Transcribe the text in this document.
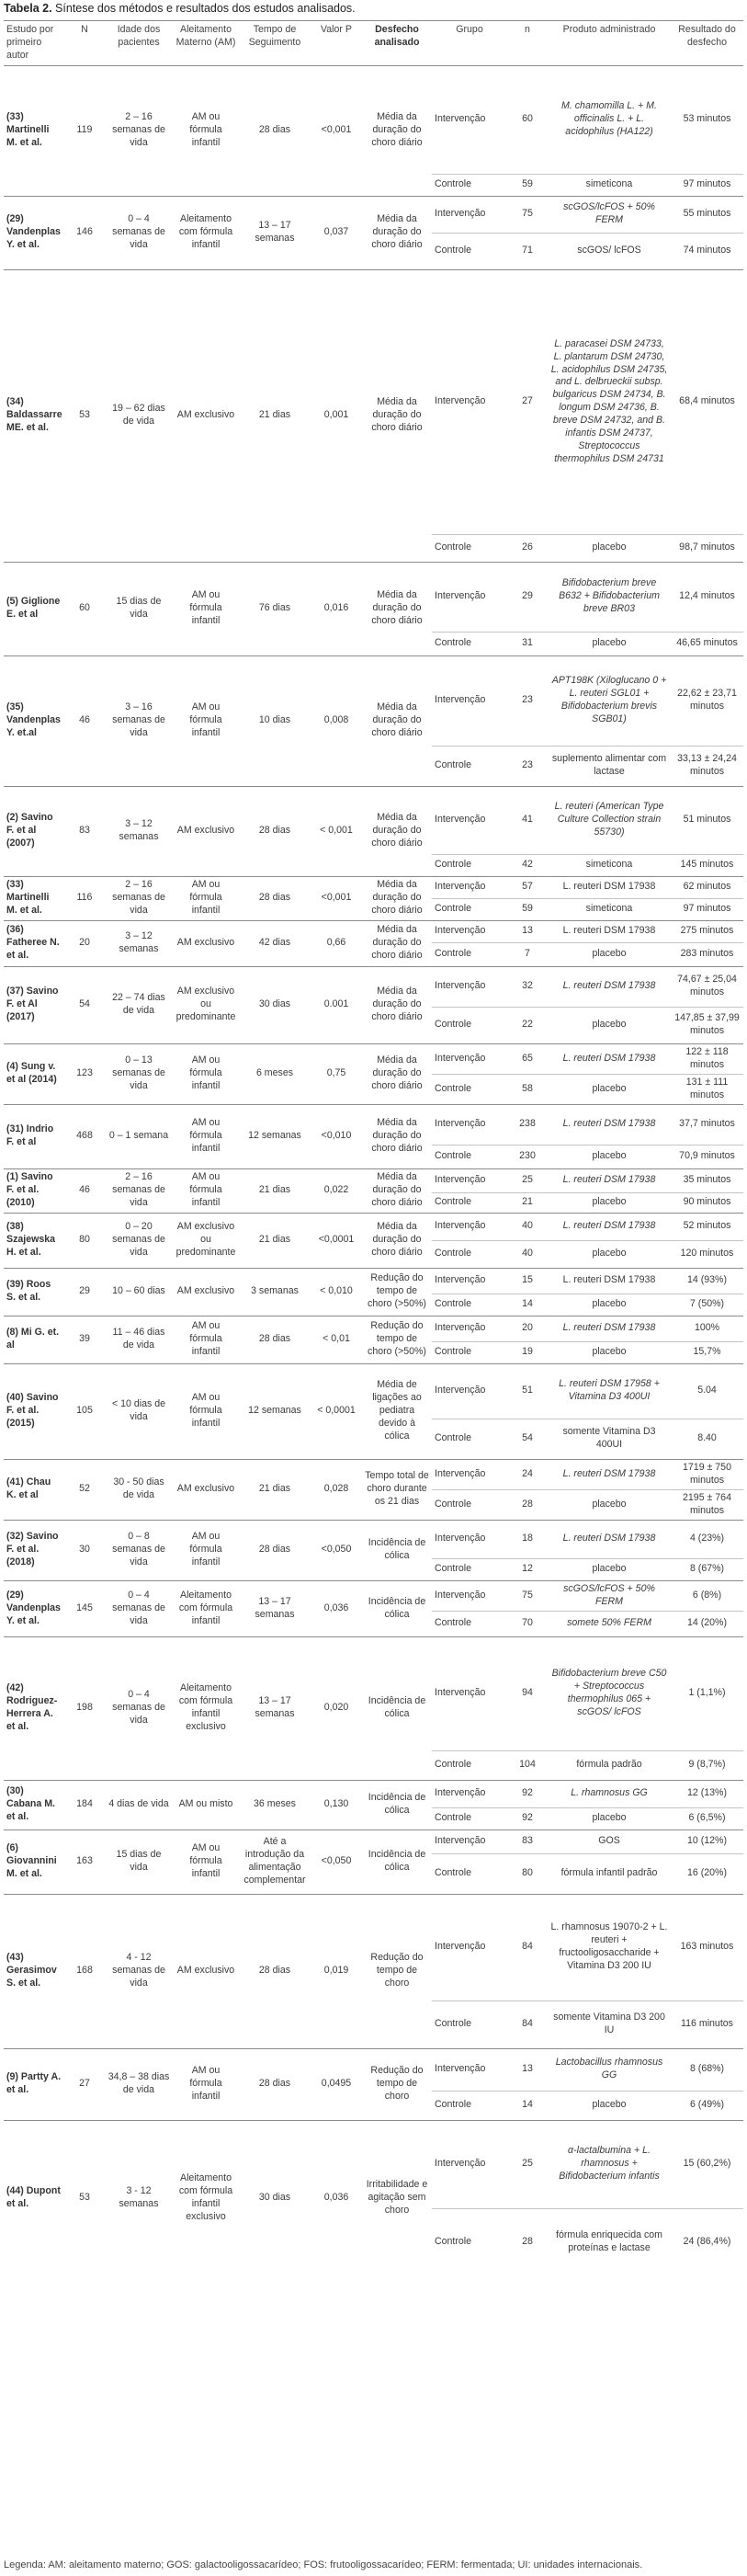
Tabela 2. Síntese dos métodos e resultados dos estudos analisados.
Estudo por primeiro autor	N	Idade dos pacientes	Aleitamento Materno (AM)	Tempo de Seguimento	Valor P	Desfecho analisado	Grupo	n	Produto administrado	Resultado do desfecho
(33) Martinelli M. et al.	119	2 – 16 semanas de vida	AM ou fórmula infantil	28 dias	<0,001	Média da duração do choro diário	Intervenção	60	M. chamomilla L. + M. officinalis L. + L. acidophilus (HA122)	53 minutos
							Controle	59	simeticona	97 minutos
(29) Vandenplas Y. et al.	146	0 – 4 semanas de vida	Aleitamento com fórmula infantil	13 – 17 semanas	0,037	Média da duração do choro diário	Intervenção	75	scGOS/lcFOS + 50% FERM	55 minutos
							Controle	71	scGOS/ lcFOS	74 minutos
(34) Baldassarre ME. et al.	53	19 – 62 dias de vida	AM exclusivo	21 dias	0,001	Média da duração do choro diário	Intervenção	27	L. paracasei DSM 24733, L. plantarum DSM 24730, L. acidophilus DSM 24735, and L. delbrueckii subsp. bulgaricus DSM 24734, B. longum DSM 24736, B. breve DSM 24732, and B. infantis DSM 24737, Streptococcus thermophilus DSM 24731	68,4 minutos
							Controle	26	placebo	98,7 minutos
(5) Giglione E. et al	60	15 dias de vida	AM ou fórmula infantil	76 dias	0,016	Média da duração do choro diário	Intervenção	29	Bifidobacterium breve B632 + Bifidobacterium breve BR03	12,4 minutos
							Controle	31	placebo	46,65 minutos
(35) Vandenplas Y. et.al	46	3 – 16 semanas de vida	AM ou fórmula infantil	10 dias	0,008	Média da duração do choro diário	Intervenção	23	APT198K (Xiloglucano 0 + L. reuteri SGL01 + Bifidobacterium brevis SGB01)	22,62 ± 23,71 minutos
							Controle	23	suplemento alimentar com lactase	33,13 ± 24,24 minutos
(2) Savino F. et al (2007)	83	3 – 12 semanas	AM exclusivo	28 dias	< 0,001	Média da duração do choro diário	Intervenção	41	L. reuteri (American Type Culture Collection strain 55730)	51 minutos
							Controle	42	simeticona	145 minutos
(33) Martinelli M. et al.	116	2 – 16 semanas de vida	AM ou fórmula infantil	28 dias	<0,001	Média da duração do choro diário	Intervenção	57	L. reuteri DSM 17938	62 minutos
							Controle	59	simeticona	97 minutos
(36) Fatheree N. et al.	20	3 – 12 semanas	AM exclusivo	42 dias	0,66	Média da duração do choro diário	Intervenção	13	L. reuteri DSM 17938	275 minutos
							Controle	7	placebo	283 minutos
(37) Savino F. et Al (2017)	54	22 – 74 dias de vida	AM exclusivo ou predominante	30 dias	0.001	Média da duração do choro diário	Intervenção	32	L. reuteri DSM 17938	74,67 ± 25,04 minutos
							Controle	22	placebo	147,85 ± 37,99 minutos
(4) Sung v. et al (2014)	123	0 – 13 semanas de vida	AM ou fórmula infantil	6 meses	0,75	Média da duração do choro diário	Intervenção	65	L. reuteri DSM 17938	122 ± 118 minutos
							Controle	58	placebo	131 ± 111 minutos
(31) Indrio F. et al	468	0 – 1 semana	AM ou fórmula infantil	12 semanas	<0,010	Média da duração do choro diário	Intervenção	238	L. reuteri DSM 17938	37,7 minutos
							Controle	230	placebo	70,9 minutos
(1) Savino F. et al. (2010)	46	2 – 16 semanas de vida	AM ou fórmula infantil	21 dias	0,022	Média da duração do choro diário	Intervenção	25	L. reuteri DSM 17938	35 minutos
							Controle	21	placebo	90 minutos
(38) Szajewska H. et al.	80	0 – 20 semanas de vida	AM exclusivo ou predominante	21 dias	<0,0001	Média da duração do choro diário	Intervenção	40	L. reuteri DSM 17938	52 minutos
							Controle	40	placebo	120 minutos
(39) Roos S. et al.	29	10 – 60 dias	AM exclusivo	3 semanas	< 0,010	Redução do tempo de choro (>50%)	Intervenção	15	L. reuteri DSM 17938	14 (93%)
							Controle	14	placebo	7 (50%)
(8) Mi G. et. al	39	11 – 46 dias de vida	AM ou fórmula infantil	28 dias	< 0,01	Redução do tempo de choro (>50%)	Intervenção	20	L. reuteri DSM 17938	100%
							Controle	19	placebo	15,7%
(40) Savino F. et al. (2015)	105	< 10 dias de vida	AM ou fórmula infantil	12 semanas	< 0,0001	Média de ligações ao pediatra devido à cólica	Intervenção	51	L. reuteri DSM 17958 + Vitamina D3 400UI	5.04
							Controle	54	somente Vitamina D3 400UI	8.40
(41) Chau K. et al	52	30 - 50 dias de vida	AM exclusivo	21 dias	0,028	Tempo total de choro durante os 21 dias	Intervenção	24	L. reuteri DSM 17938	1719 ± 750 minutos
							Controle	28	placebo	2195 ± 764 minutos
(32) Savino F. et al. (2018)	30	0 – 8 semanas de vida	AM ou fórmula infantil	28 dias	<0,050	Incidência de cólica	Intervenção	18	L. reuteri DSM 17938	4 (23%)
							Controle	12	placebo	8 (67%)
(29) Vandenplas Y. et al.	145	0 – 4 semanas de vida	Aleitamento com fórmula infantil	13 – 17 semanas	0,036	Incidência de cólica	Intervenção	75	scGOS/lcFOS + 50% FERM	6 (8%)
							Controle	70	somete 50% FERM	14 (20%)
(42) Rodriguez-Herrera A. et al.	198	0 – 4 semanas de vida	Aleitamento com fórmula infantil exclusivo	13 – 17 semanas	0,020	Incidência de cólica	Intervenção	94	Bifidobacterium breve C50 + Streptococcus thermophilus 065 + scGOS/ lcFOS	1 (1,1%)
							Controle	104	fórmula padrão	9 (8,7%)
(30) Cabana M. et al.	184	4 dias de vida	AM ou misto	36 meses	0,130	Incidência de cólica	Intervenção	92	L. rhamnosus GG	12 (13%)
							Controle	92	placebo	6 (6,5%)
(6) Giovannini M. et al.	163	15 dias de vida	AM ou fórmula infantil	Até a introdução da alimentação complementar	<0,050	Incidência de cólica	Intervenção	83	GOS	10 (12%)
							Controle	80	fórmula infantil padrão	16 (20%)
(43) Gerasimov S. et al.	168	4 - 12 semanas de vida	AM exclusivo	28 dias	0,019	Redução do tempo de choro	Intervenção	84	L. rhamnosus 19070-2 + L. reuteri + fructooligosaccharide + Vitamina D3 200 IU	163 minutos
							Controle	84	somente Vitamina D3 200 IU	116 minutos
(9) Partty A. et al.	27	34,8 – 38 dias de vida	AM ou fórmula infantil	28 dias	0,0495	Redução do tempo de choro	Intervenção	13	Lactobacillus rhamnosus GG	8 (68%)
							Controle	14	placebo	6 (49%)
(44) Dupont et al.	53	3 - 12 semanas	Aleitamento com fórmula infantil exclusivo	30 dias	0,036	Irritabilidade e agitação sem choro	Intervenção	25	α-lactalbumina + L. rhamnosus + Bifidobacterium infantis	15 (60,2%)
							Controle	28	fórmula enriquecida com proteínas e lactase	24 (86,4%)
Legenda: AM: aleitamento materno; GOS: galactooligossacarídeo; FOS: frutooligossacarídeo; FERM: fermentada; UI: unidades internacionais.
